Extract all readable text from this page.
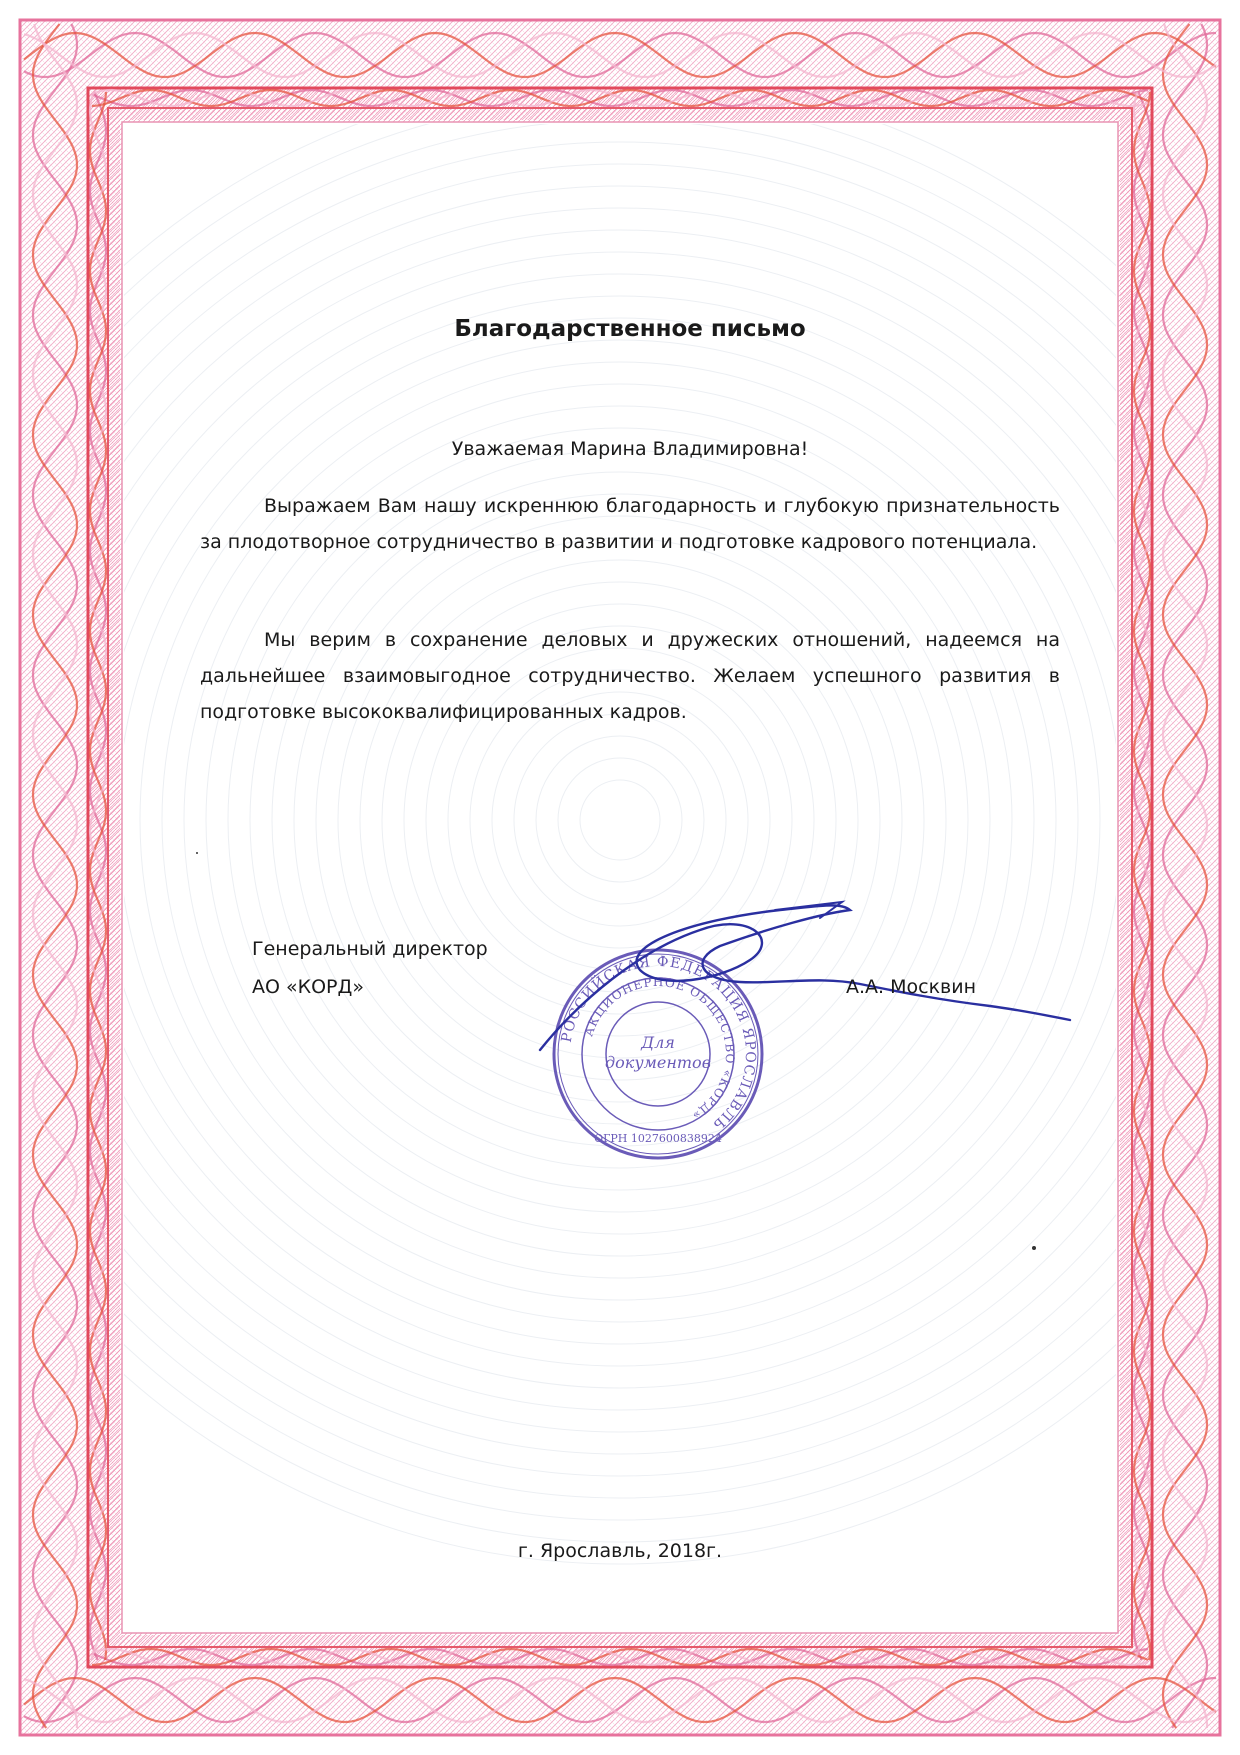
Благодарственное письмо

Уважаемая Марина Владимировна!

Выражаем Вам нашу искреннюю благодарность и глубокую признательность за плодотворное сотрудничество в развитии и подготовке кадрового потенциала.

Мы верим в сохранение деловых и дружеских отношений, надеемся на дальнейшее взаимовыгодное сотрудничество. Желаем успешного развития в подготовке высококвалифицированных кадров.

Генеральный директор
АО «КОРД»
РОССИЙСКАЯ ФЕДЕРАЦИЯ ЯРОСЛАВЛЬ
АКЦИОНЕРНОЕ ОБЩЕСТВО «КОРД»
Для
документов
ОГРН 1027600838924
А.А. Москвин
г. Ярославль, 2018г.
